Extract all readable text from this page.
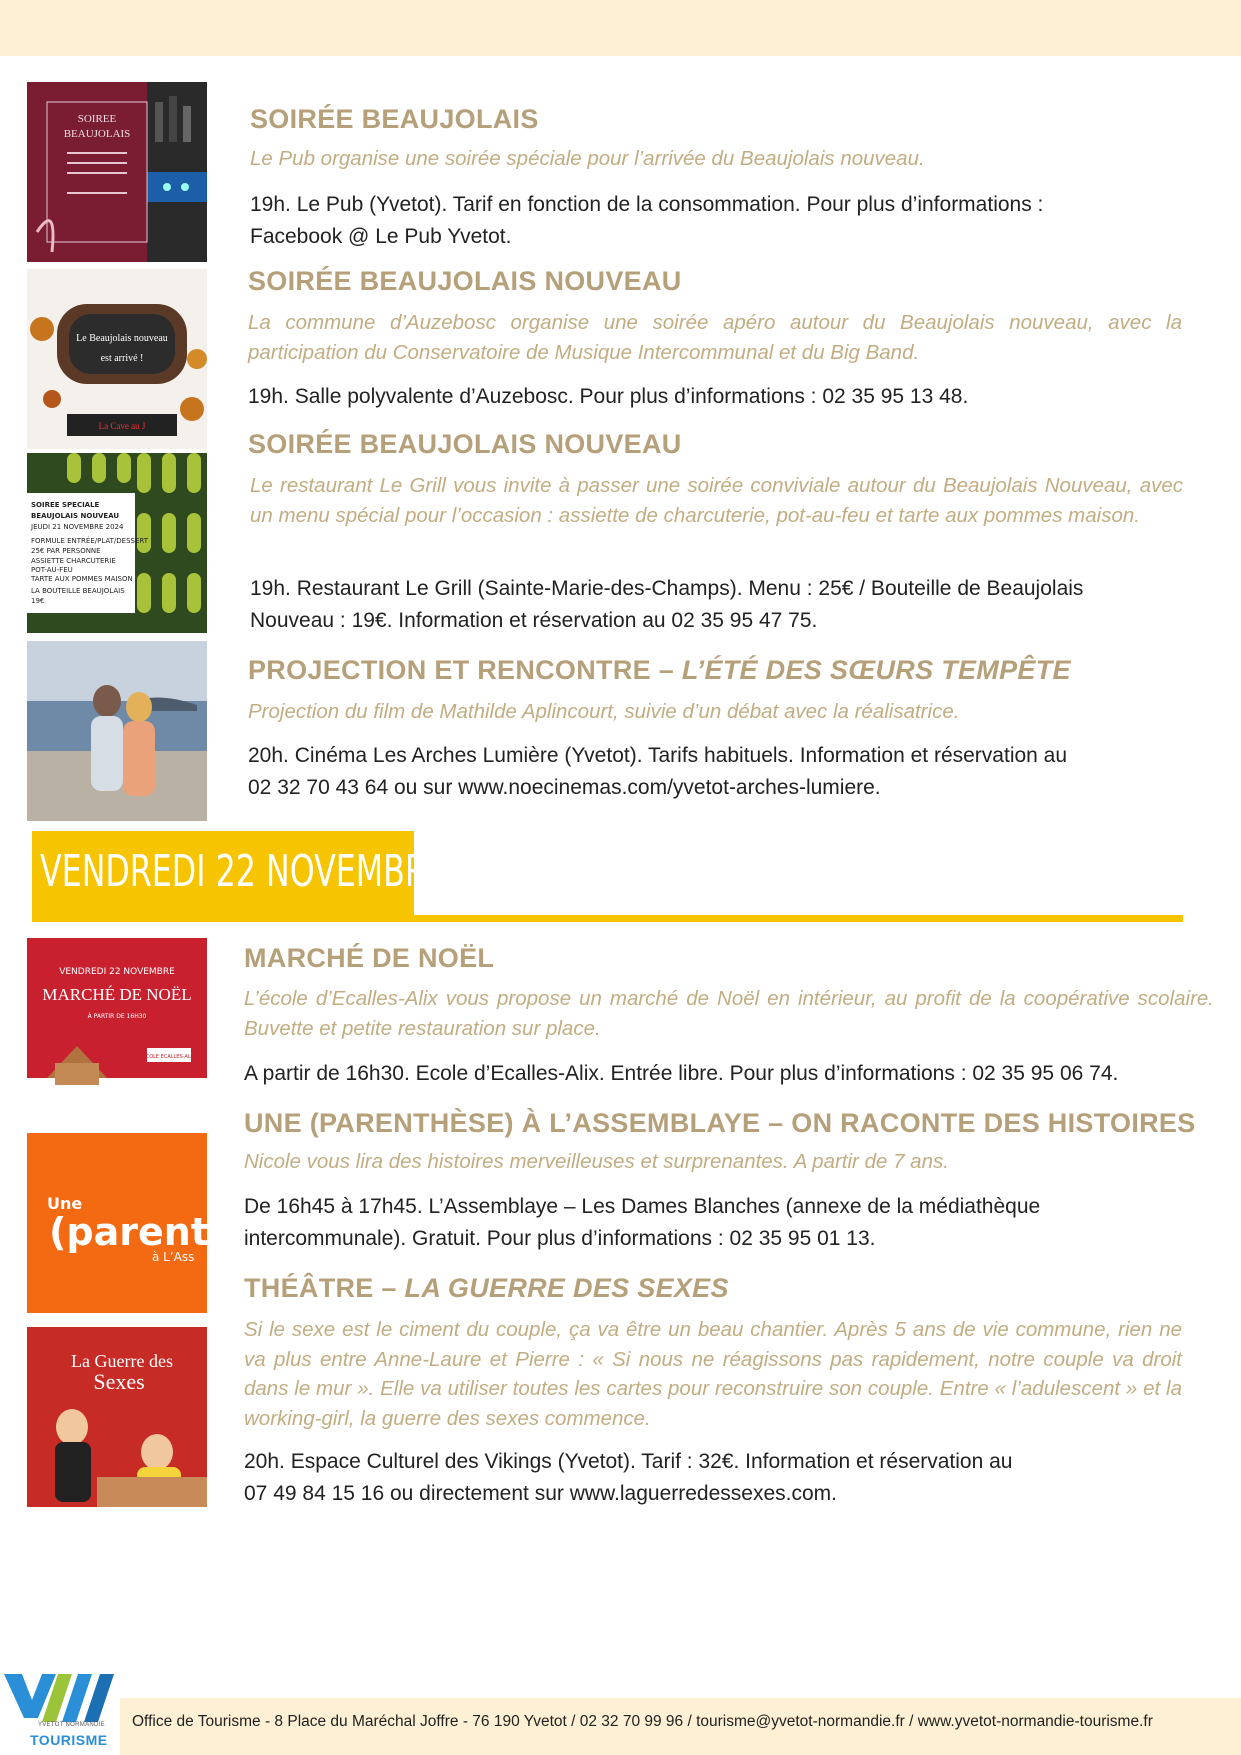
SOIREE
BEAUJOLAIS	SOIRÉE BEAUJOLAIS

Le Pub organise une soirée spéciale pour l’arrivée du Beaujolais nouveau.

19h. Le Pub (Yvetot). Tarif en fonction de la consommation. Pour plus d’informations :
Facebook @ Le Pub Yvetot.

Le Beaujolais nouveau
est arrivé !
La Cave au J
SOIRÉE BEAUJOLAIS NOUVEAU

La commune d’Auzebosc organise une soirée apéro autour du Beaujolais nouveau, avec la participation du Conservatoire de Musique Intercommunal et du Big Band.

19h. Salle polyvalente d’Auzebosc. Pour plus d’informations : 02 35 95 13 48.

SOIREE SPECIALE
BEAUJOLAIS NOUVEAU
JEUDI 21 NOVEMBRE 2024
FORMULE ENTRÉE/PLAT/DESSERT
25€ PAR PERSONNE
ASSIETTE CHARCUTERIE
POT-AU-FEU
TARTE AUX POMMES MAISON
LA BOUTEILLE BEAUJOLAIS
19€
SOIRÉE BEAUJOLAIS NOUVEAU

Le restaurant Le Grill vous invite à passer une soirée conviviale autour du Beaujolais Nouveau, avec un menu spécial pour l’occasion : assiette de charcuterie, pot-au-feu et tarte aux pommes maison.

19h. Restaurant Le Grill (Sainte-Marie-des-Champs). Menu : 25€ / Bouteille de Beaujolais
Nouveau : 19€. Information et réservation au 02 35 95 47 75.

PROJECTION ET RENCONTRE – L’ÉTÉ DES SŒURS TEMPÊTE

Projection du film de Mathilde Aplincourt, suivie d’un débat avec la réalisatrice.

20h. Cinéma Les Arches Lumière (Yvetot). Tarifs habituels. Information et réservation au
02 32 70 43 64 ou sur www.noecinemas.com/yvetot-arches-lumiere.

VENDREDI 22 NOVEMBRE
VENDREDI 22 NOVEMBRE
MARCHÉ DE NOËL
À PARTIR DE 16H30
ÉCOLE ECALLES-ALIX
MARCHÉ DE NOËL

L’école d’Ecalles-Alix vous propose un marché de Noël en intérieur, au profit de la coopérative scolaire. Buvette et petite restauration sur place.

A partir de 16h30. Ecole d’Ecalles-Alix. Entrée libre. Pour plus d’informations : 02 35 95 06 74.

Une
(parenth
à L’Ass
UNE (PARENTHÈSE) À L’ASSEMBLAYE – ON RACONTE DES HISTOIRES

Nicole vous lira des histoires merveilleuses et surprenantes. A partir de 7 ans.

De 16h45 à 17h45. L’Assemblaye – Les Dames Blanches (annexe de la médiathèque
intercommunale). Gratuit. Pour plus d’informations : 02 35 95 01 13.

La Guerre des
Sexes
THÉÂTRE – LA GUERRE DES SEXES

Si le sexe est le ciment du couple, ça va être un beau chantier. Après 5 ans de vie commune, rien ne va plus entre Anne-Laure et Pierre : « Si nous ne réagissons pas rapidement, notre couple va droit dans le mur ». Elle va utiliser toutes les cartes pour reconstruire son couple. Entre « l’adulescent » et la working-girl, la guerre des sexes commence.

20h. Espace Culturel des Vikings (Yvetot). Tarif : 32€. Information et réservation au
07 49 84 15 16 ou directement sur www.laguerredessexes.com.

YVETOT NORMANDIE
TOURISME
Office de Tourisme - 8 Place du Maréchal Joffre - 76 190 Yvetot / 02 32 70 99 96 / tourisme@yvetot-normandie.fr / www.yvetot-normandie-tourisme.fr
